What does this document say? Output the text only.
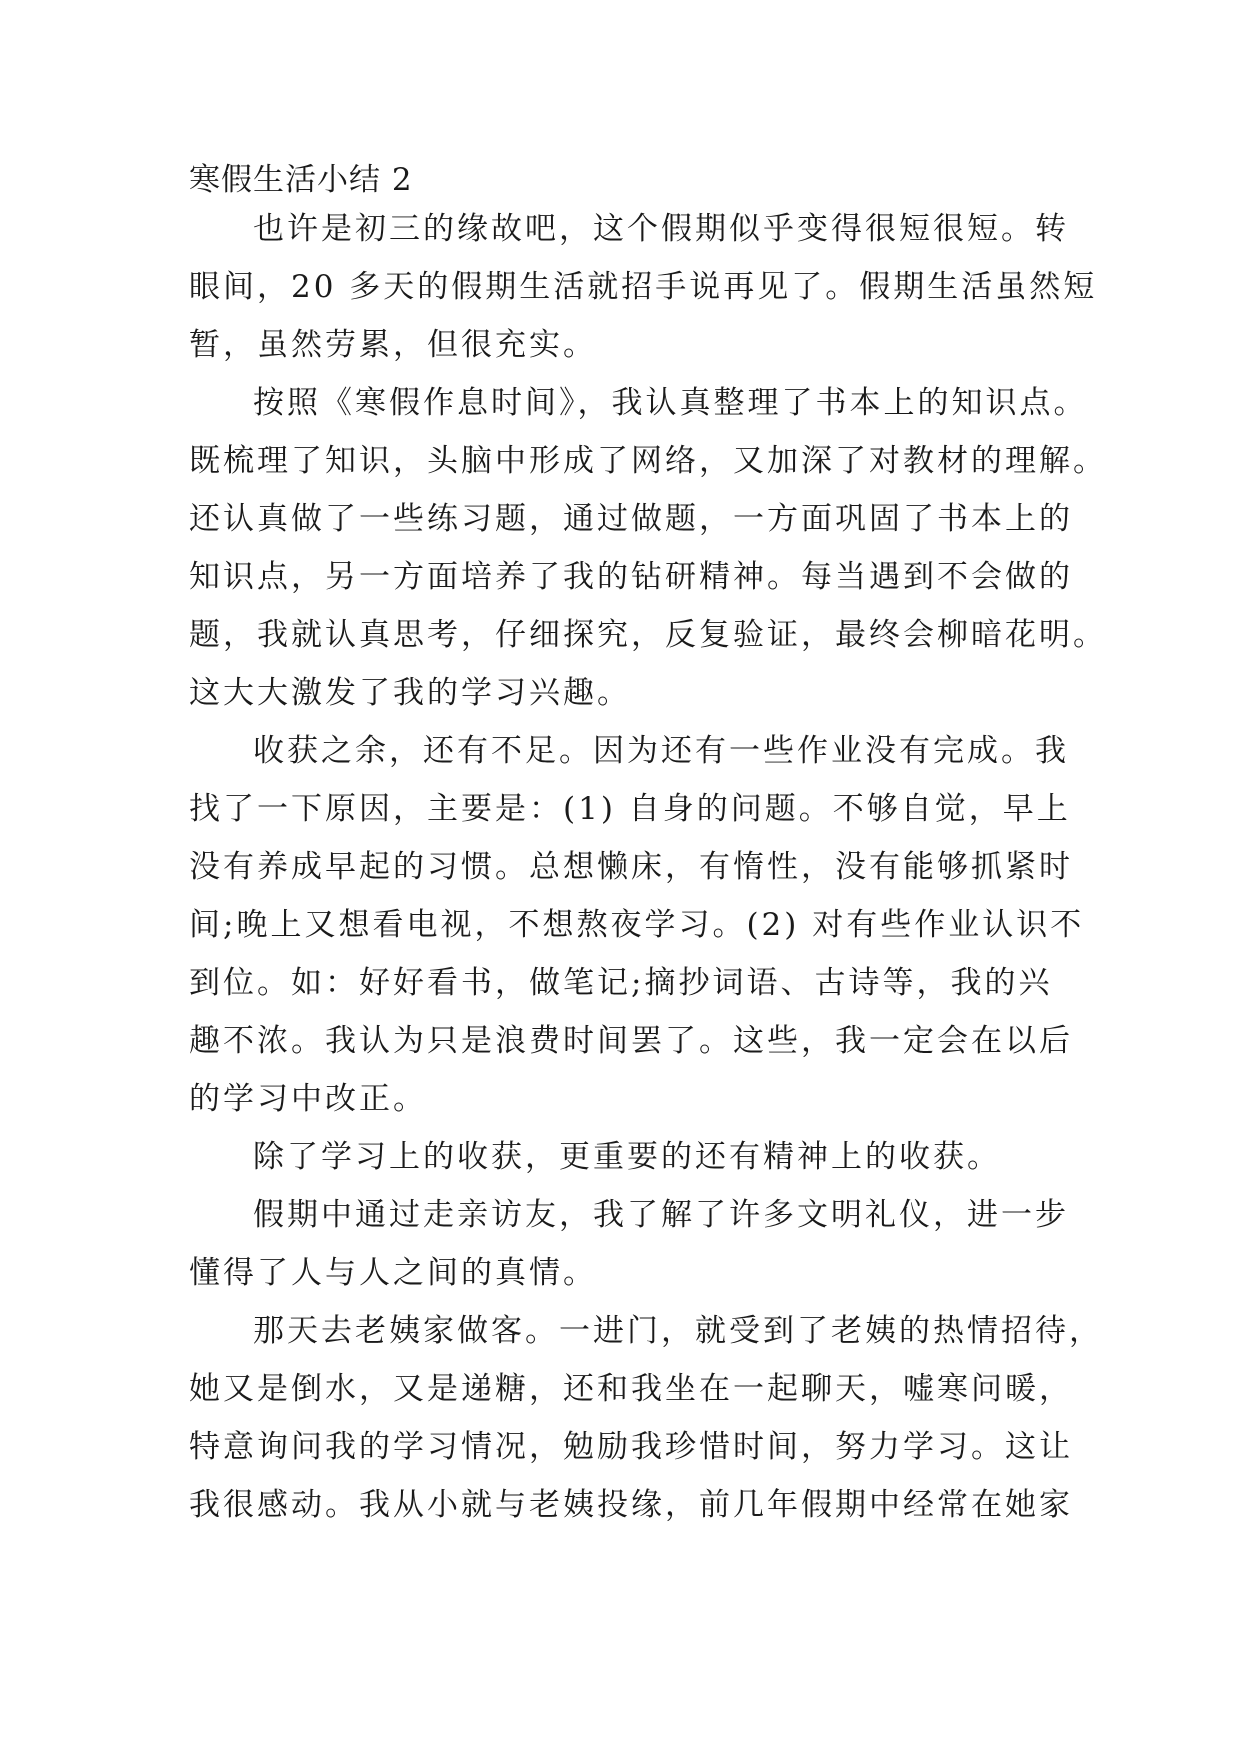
寒假生活小结 2
也许是初三的缘故吧，这个假期似乎变得很短很短。转
眼间，20 多天的假期生活就招手说再见了。假期生活虽然短
暂，虽然劳累，但很充实。
按照《寒假作息时间》，我认真整理了书本上的知识点。
既梳理了知识，头脑中形成了网络，又加深了对教材的理解。
还认真做了一些练习题，通过做题，一方面巩固了书本上的
知识点，另一方面培养了我的钻研精神。每当遇到不会做的
题，我就认真思考，仔细探究，反复验证，最终会柳暗花明。
这大大激发了我的学习兴趣。
收获之余，还有不足。因为还有一些作业没有完成。我
找了一下原因，主要是：(1) 自身的问题。不够自觉，早上
没有养成早起的习惯。总想懒床，有惰性，没有能够抓紧时
间;晚上又想看电视，不想熬夜学习。(2) 对有些作业认识不
到位。如：好好看书，做笔记;摘抄词语、古诗等，我的兴
趣不浓。我认为只是浪费时间罢了。这些，我一定会在以后
的学习中改正。
除了学习上的收获，更重要的还有精神上的收获。
假期中通过走亲访友，我了解了许多文明礼仪，进一步
懂得了人与人之间的真情。
那天去老姨家做客。一进门，就受到了老姨的热情招待，
她又是倒水，又是递糖，还和我坐在一起聊天，嘘寒问暖，
特意询问我的学习情况，勉励我珍惜时间，努力学习。这让
我很感动。我从小就与老姨投缘，前几年假期中经常在她家
